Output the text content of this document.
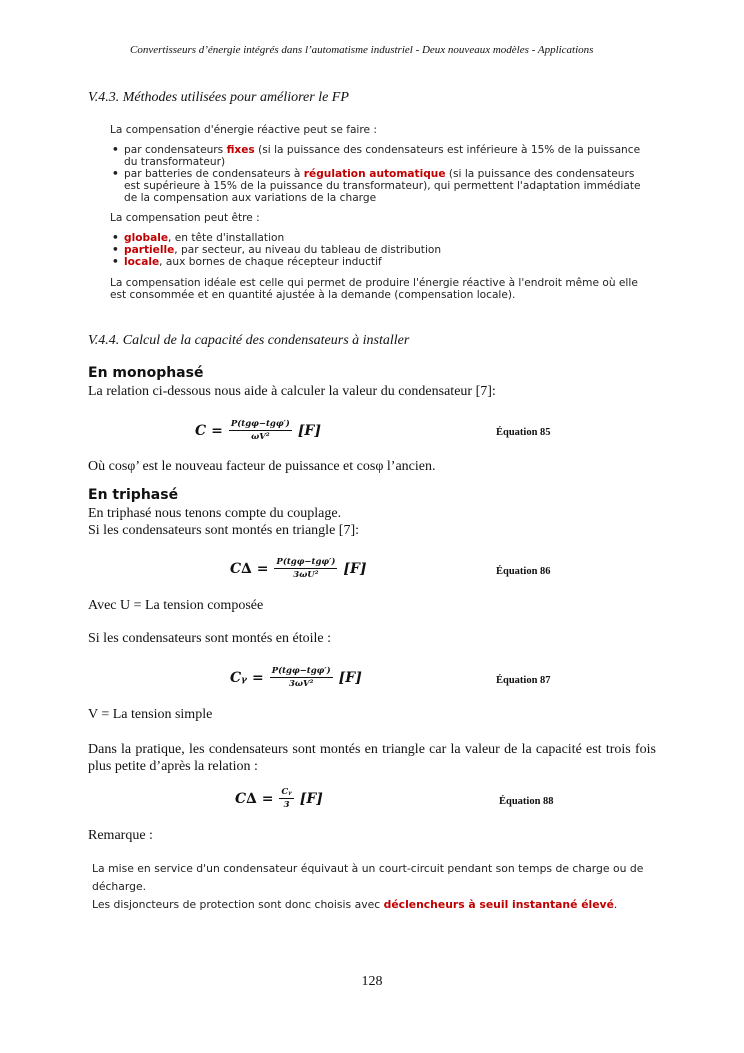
Convertisseurs d’énergie intégrés dans l’automatisme industriel - Deux nouveaux modèles - Applications
V.4.3. Méthodes utilisées pour améliorer le FP
La compensation d'énergie réactive peut se faire :
• par condensateurs fixes (si la puissance des condensateurs est inférieure à 15% de la puissance du transformateur)
• par batteries de condensateurs à régulation automatique (si la puissance des condensateurs est supérieure à 15% de la puissance du transformateur), qui permettent l'adaptation immédiate de la compensation aux variations de la charge
La compensation peut être :
• globale, en tête d'installation
• partielle, par secteur, au niveau du tableau de distribution
• locale, aux bornes de chaque récepteur inductif
La compensation idéale est celle qui permet de produire l'énergie réactive à l'endroit même où elle est consommée et en quantité ajustée à la demande (compensation locale).
V.4.4. Calcul de la capacité des condensateurs à installer
En monophasé
La relation ci-dessous nous aide à calculer la valeur du condensateur [7]:
$C = \frac{\text{P(tgφ−tgφ′)}}{\text{ωV²}} [F]$	Équation 85
Où cosφ’ est le nouveau facteur de puissance et cosφ l’ancien.
En triphasé
En triphasé nous tenons compte du couplage.
Si les condensateurs sont montés en triangle [7]:
$C\Delta = \frac{\text{P(tgφ−tgφ′)}}{\text{3ωU²}} [F]$	Équation 86
Avec U = La tension composée
Si les condensateurs sont montés en étoile :
Cᵧ = $\frac{\text{P(tgφ−tgφ′)}}{\text{3ωV²}} [F]$	Équation 87
V = La tension simple
Dans la pratique, les condensateurs sont montés en triangle car la valeur de la capacité est trois fois plus petite d’après la relation :
$C\Delta = \frac{\text{Cᵧ}}{3} [F]$	Équation 88
Remarque :
La mise en service d'un condensateur équivaut à un court-circuit pendant son temps de charge ou de décharge.
Les disjoncteurs de protection sont donc choisis avec déclencheurs à seuil instantané élevé.
128
